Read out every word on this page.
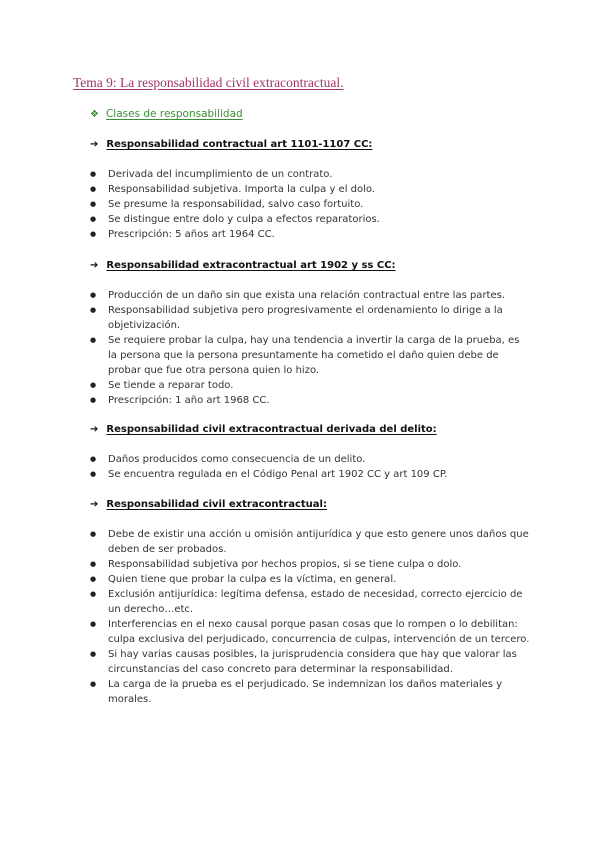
Tema 9: La responsabilidad civil extracontractual.
❖ Clases de responsabilidad
➔ Responsabilidad contractual art 1101-1107 CC:
● Derivada del incumplimiento de un contrato.
● Responsabilidad subjetiva. Importa la culpa y el dolo.
● Se presume la responsabilidad, salvo caso fortuito.
● Se distingue entre dolo y culpa a efectos reparatorios.
● Prescripción: 5 años art 1964 CC.
➔ Responsabilidad extracontractual art 1902 y ss CC:
● Producción de un daño sin que exista una relación contractual entre las partes.
● Responsabilidad subjetiva pero progresivamente el ordenamiento lo dirige a la objetivización.
● Se requiere probar la culpa, hay una tendencia a invertir la carga de la prueba, es la persona que la persona presuntamente ha cometido el daño quien debe de probar que fue otra persona quien lo hizo.
● Se tiende a reparar todo.
● Prescripción: 1 año art 1968 CC.
➔ Responsabilidad civil extracontractual derivada del delito:
● Daños producidos como consecuencia de un delito.
● Se encuentra regulada en el Código Penal art 1902 CC y art 109 CP.
➔ Responsabilidad civil extracontractual:
● Debe de existir una acción u omisión antijurídica y que esto genere unos daños que deben de ser probados.
● Responsabilidad subjetiva por hechos propios, si se tiene culpa o dolo.
● Quien tiene que probar la culpa es la víctima, en general.
● Exclusión antijurídica: legítima defensa, estado de necesidad, correcto ejercicio de un derecho…etc.
● Interferencias en el nexo causal porque pasan cosas que lo rompen o lo debilitan: culpa exclusiva del perjudicado, concurrencia de culpas, intervención de un tercero.
● Si hay varias causas posibles, la jurisprudencia considera que hay que valorar las circunstancias del caso concreto para determinar la responsabilidad.
● La carga de la prueba es el perjudicado. Se indemnizan los daños materiales y morales.
